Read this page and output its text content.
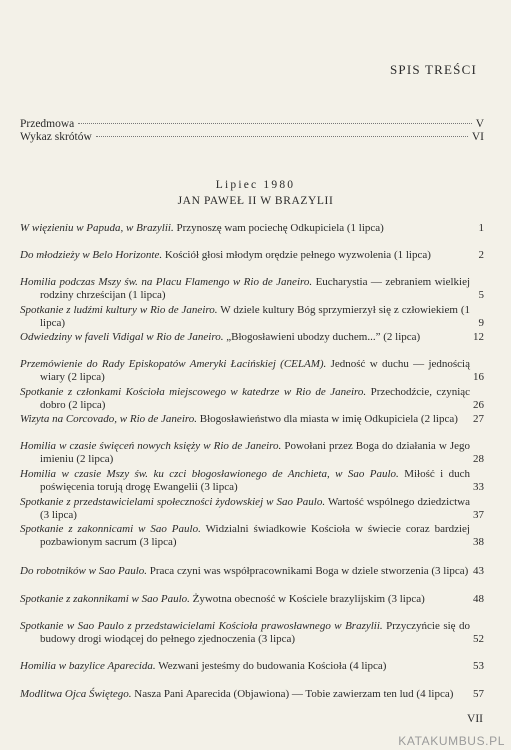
SPIS TREŚCI
Przedmowa	V
Wykaz skrótów	VI
Lipiec 1980
JAN PAWEŁ II W BRAZYLII
W więzieniu w Papuda, w Brazylii. Przynoszę wam pociechę Odkupiciela (1 lipca)	1
Do młodzieży w Belo Horizonte. Kościół głosi młodym orędzie pełnego wyzwolenia (1 lipca)	2
Homilia podczas Mszy św. na Placu Flamengo w Rio de Janeiro. Eucharystia — zebraniem wielkiej rodziny chrześcijan (1 lipca)	5
Spotkanie z ludźmi kultury w Rio de Janeiro. W dziele kultury Bóg sprzymierzył się z człowiekiem (1 lipca)	9
Odwiedziny w faveli Vidigal w Rio de Janeiro. „Błogosławieni ubodzy duchem...” (2 lipca)	12
Przemówienie do Rady Episkopatów Ameryki Łacińskiej (CELAM). Jedność w duchu — jednością wiary (2 lipca)	16
Spotkanie z członkami Kościoła miejscowego w katedrze w Rio de Janeiro. Przechodźcie, czyniąc dobro (2 lipca)	26
Wizyta na Corcovado, w Rio de Janeiro. Błogosławieństwo dla miasta w imię Odkupiciela (2 lipca)	27
Homilia w czasie święceń nowych księży w Rio de Janeiro. Powołani przez Boga do działania w Jego imieniu (2 lipca)	28
Homilia w czasie Mszy św. ku czci błogosławionego de Anchieta, w Sao Paulo. Miłość i duch poświęcenia torują drogę Ewangelii (3 lipca)	33
Spotkanie z przedstawicielami społeczności żydowskiej w Sao Paulo. Wartość wspólnego dziedzictwa (3 lipca)	37
Spotkanie z zakonnicami w Sao Paulo. Widzialni świadkowie Kościoła w świecie coraz bardziej pozbawionym sacrum (3 lipca)	38
Do robotników w Sao Paulo. Praca czyni was współpracownikami Boga w dziele stworzenia (3 lipca) 43
Spotkanie z zakonnikami w Sao Paulo. Żywotna obecność w Kościele brazylijskim (3 lipca)	48
Spotkanie w Sao Paulo z przedstawicielami Kościoła prawosławnego w Brazylii. Przyczyńcie się do budowy drogi wiodącej do pełnego zjednoczenia (3 lipca)	52
Homilia w bazylice Aparecida. Wezwani jesteśmy do budowania Kościoła (4 lipca)	53
Modlitwa Ojca Świętego. Nasza Pani Aparecida (Objawiona) — Tobie zawierzam ten lud (4 lipca)	57
VII
KATAKUMBUS.PL
